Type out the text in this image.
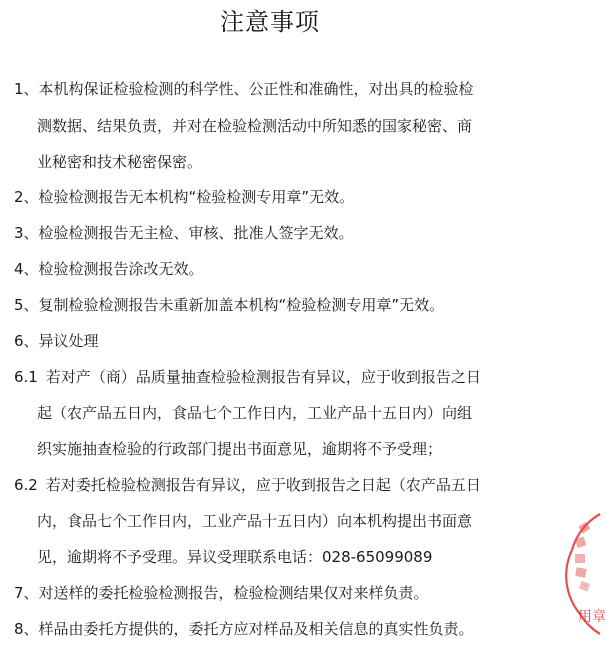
注意事项
1、本机构保证检验检测的科学性、公正性和准确性，对出具的检验检
测数据、结果负责，并对在检验检测活动中所知悉的国家秘密、商
业秘密和技术秘密保密。
2、检验检测报告无本机构“检验检测专用章”无效。
3、检验检测报告无主检、审核、批准人签字无效。
4、检验检测报告涂改无效。
5、复制检验检测报告未重新加盖本机构“检验检测专用章”无效。
6、异议处理
6.1 若对产（商）品质量抽查检验检测报告有异议，应于收到报告之日
起（农产品五日内，食品七个工作日内，工业产品十五日内）向组
织实施抽查检验的行政部门提出书面意见，逾期将不予受理；
6.2 若对委托检验检测报告有异议，应于收到报告之日起（农产品五日
内，食品七个工作日内，工业产品十五日内）向本机构提出书面意
见，逾期将不予受理。异议受理联系电话：028-65099089
7、对送样的委托检验检测报告，检验检测结果仅对来样负责。
8、样品由委托方提供的，委托方应对样品及相关信息的真实性负责。
用章
